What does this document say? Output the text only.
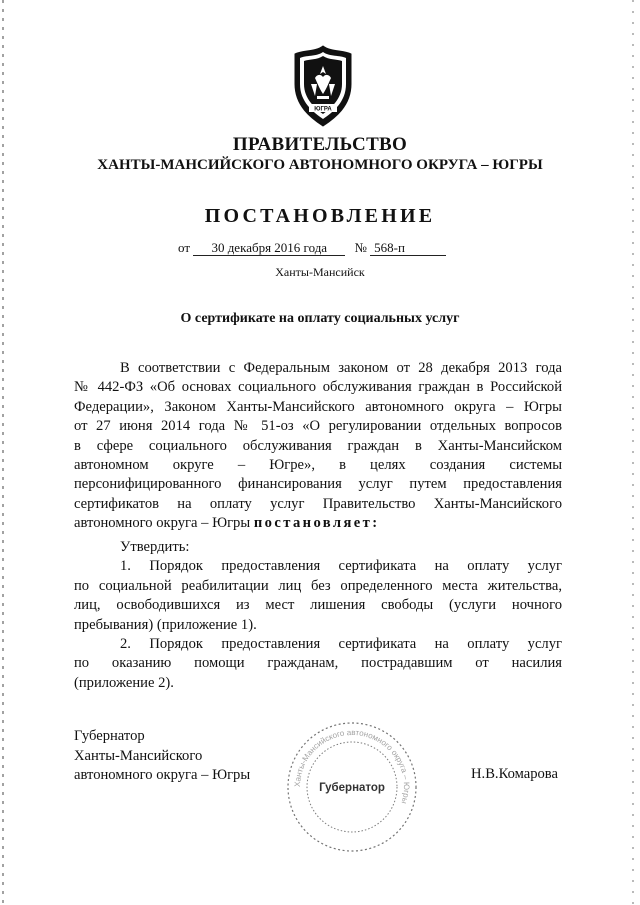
ЮГРА
ПРАВИТЕЛЬСТВО
ХАНТЫ-МАНСИЙСКОГО АВТОНОМНОГО ОКРУГА – ЮГРЫ
ПОСТАНОВЛЕНИЕ
от 30 декабря 2016 года № 568-п
Ханты-Мансийск
О сертификате на оплату социальных услуг
В соответствии с Федеральным законом от 28 декабря 2013 года
№ 442-ФЗ «Об основах социального обслуживания граждан в Российской
Федерации», Законом Ханты-Мансийского автономного округа – Югры
от 27 июня 2014 года № 51-оз «О регулировании отдельных вопросов
в сфере социального обслуживания граждан в Ханты-Мансийском
автономном округе – Югре», в целях создания системы
персонифицированного финансирования услуг путем предоставления
сертификатов на оплату услуг Правительство Ханты-Мансийского
автономного округа – Югры постановляет:
Утвердить:
1. Порядок предоставления сертификата на оплату услуг
по социальной реабилитации лиц без определенного места жительства,
лиц, освободившихся из мест лишения свободы (услуги ночного
пребывания) (приложение 1).
2. Порядок предоставления сертификата на оплату услуг
по оказанию помощи гражданам, пострадавшим от насилия
(приложение 2).
Губернатор
Ханты-Мансийского
автономного округа – Югры
Ханты-Мансийского автономного округа – Югры
Губернатор
Н.В.Комарова
